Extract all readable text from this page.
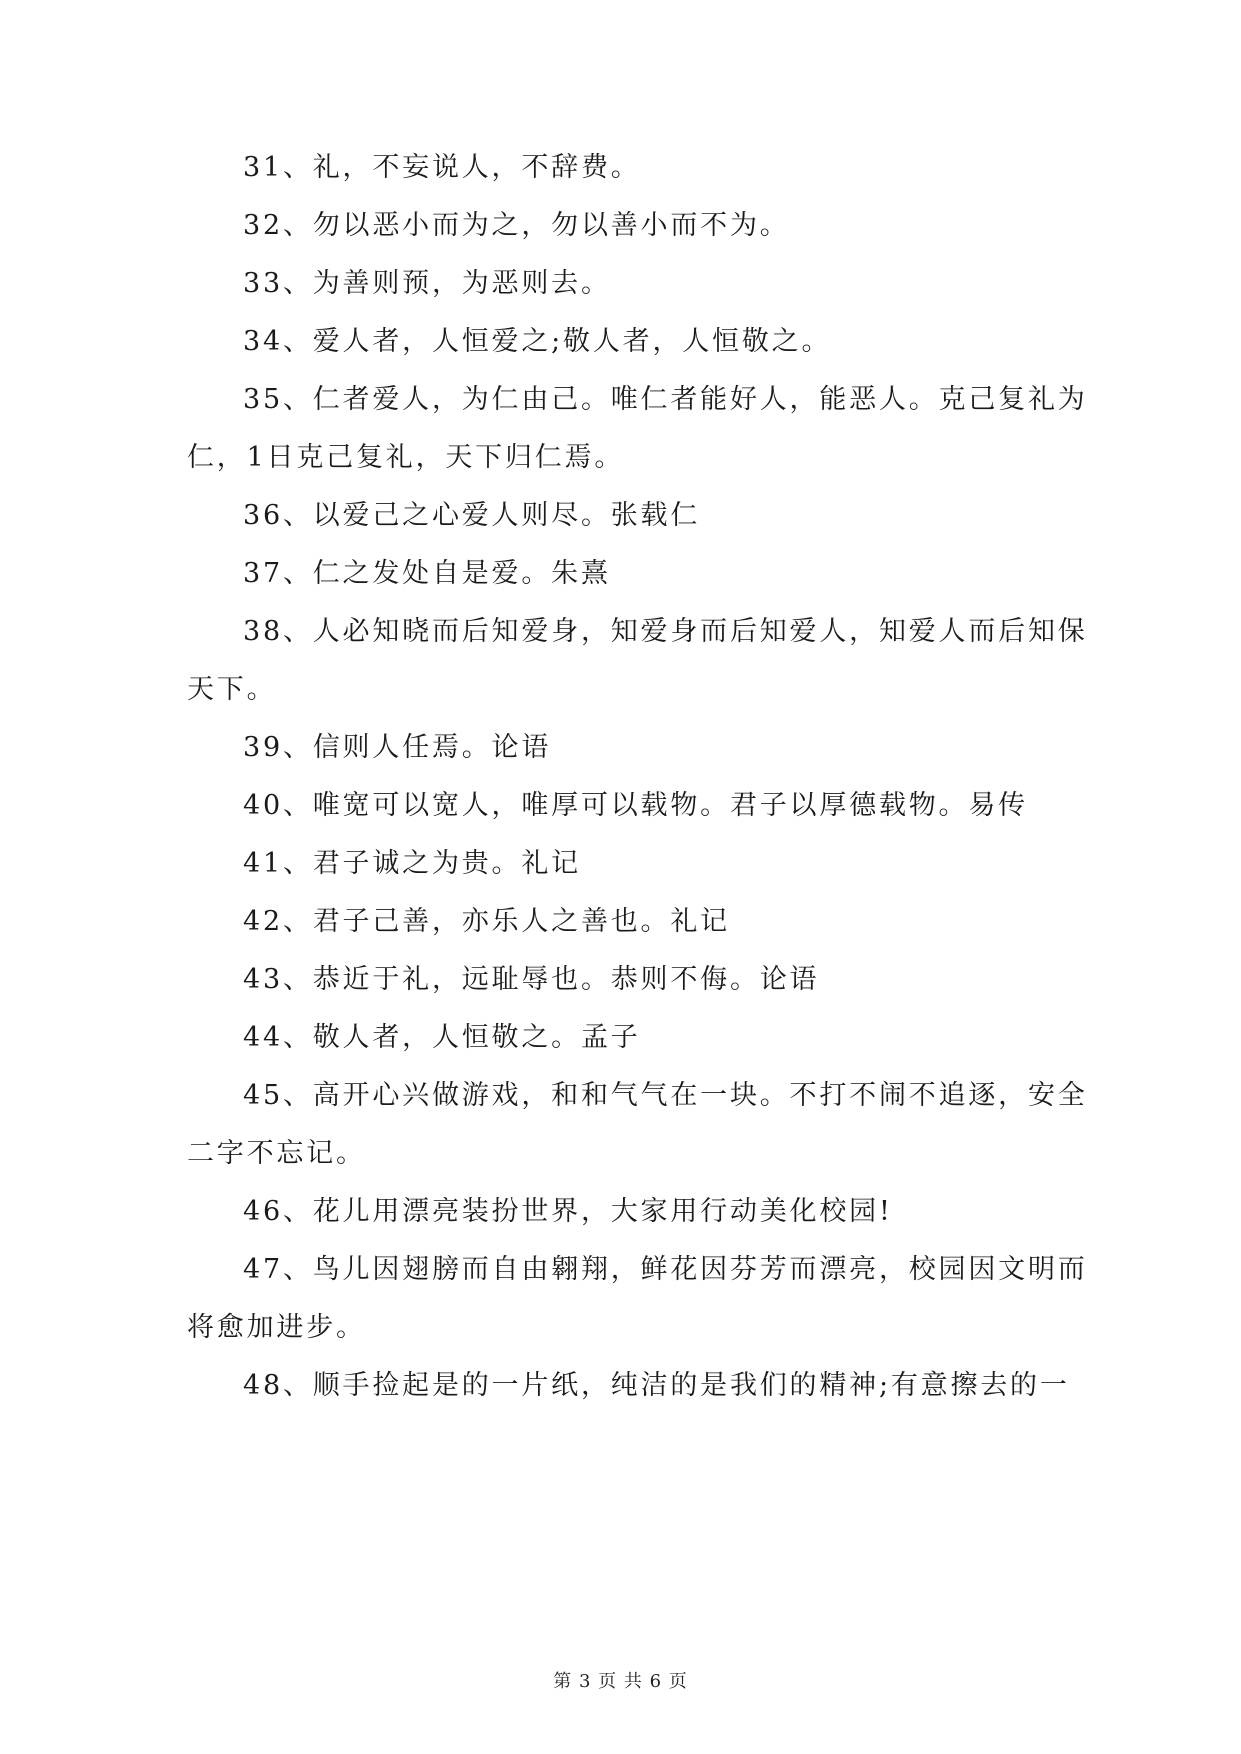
31、礼，不妄说人，不辞费。
32、勿以恶小而为之，勿以善小而不为。
33、为善则预，为恶则去。
34、爱人者，人恒爱之;敬人者，人恒敬之。
35、仁者爱人，为仁由己。唯仁者能好人，能恶人。克己复礼为
仁，1日克己复礼，天下归仁焉。
36、以爱己之心爱人则尽。张载仁
37、仁之发处自是爱。朱熹
38、人必知晓而后知爱身，知爱身而后知爱人，知爱人而后知保
天下。
39、信则人任焉。论语
40、唯宽可以宽人，唯厚可以载物。君子以厚德载物。易传
41、君子诚之为贵。礼记
42、君子己善，亦乐人之善也。礼记
43、恭近于礼，远耻辱也。恭则不侮。论语
44、敬人者，人恒敬之。孟子
45、高开心兴做游戏，和和气气在一块。不打不闹不追逐，安全
二字不忘记。
46、花儿用漂亮装扮世界，大家用行动美化校园!
47、鸟儿因翅膀而自由翱翔，鲜花因芬芳而漂亮，校园因文明而
将愈加进步。
48、顺手捡起是的一片纸，纯洁的是我们的精神;有意擦去的一
第 3 页 共 6 页
